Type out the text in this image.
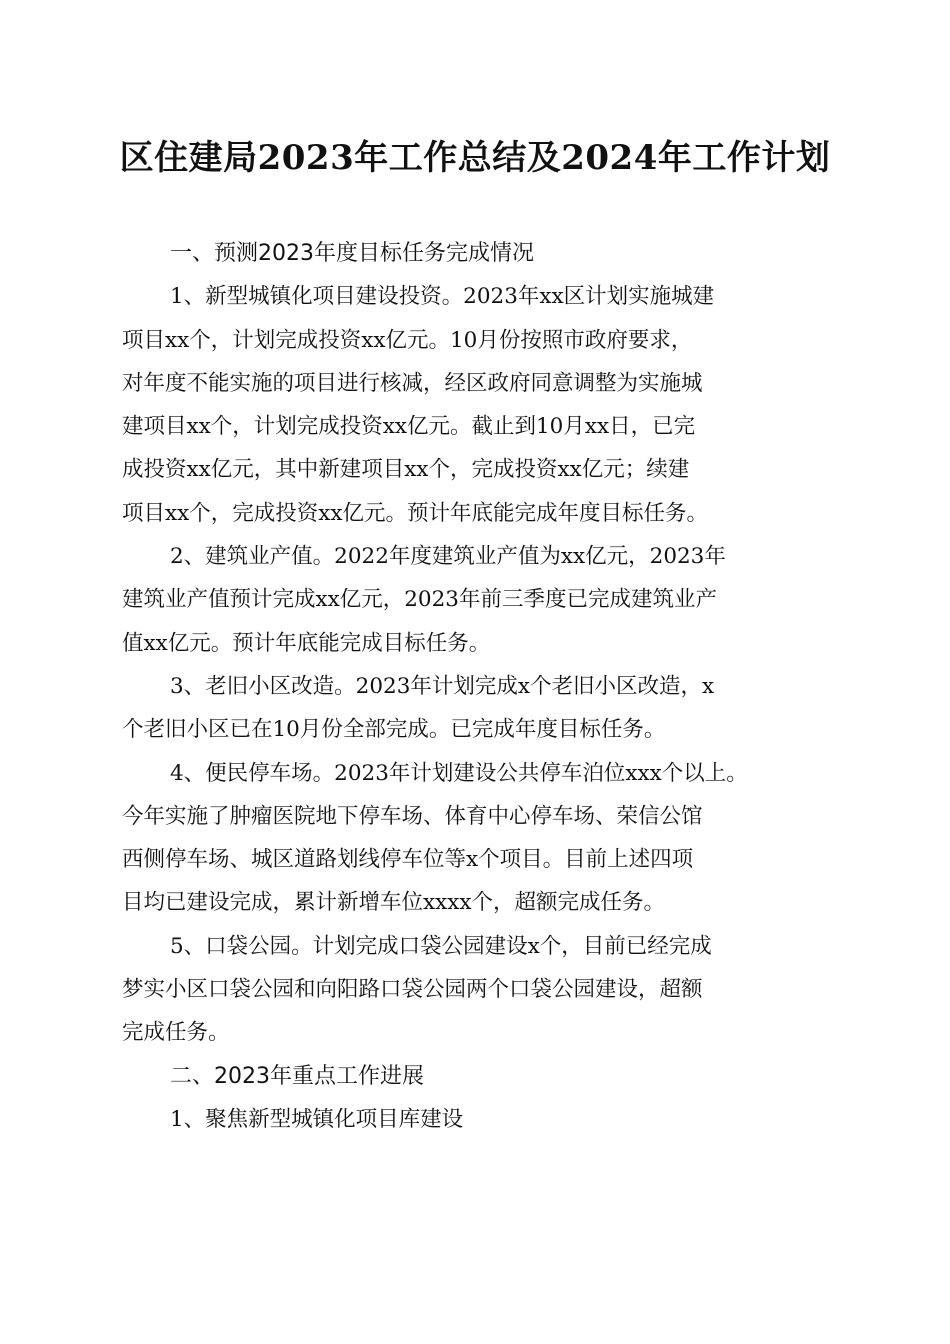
区住建局2023年工作总结及2024年工作计划

一、预测2023年度目标任务完成情况

1、新型城镇化项目建设投资。2023年xx区计划实施城建
项目xx个，计划完成投资xx亿元。10月份按照市政府要求，
对年度不能实施的项目进行核减，经区政府同意调整为实施城
建项目xx个，计划完成投资xx亿元。截止到10月xx日，已完
成投资xx亿元，其中新建项目xx个，完成投资xx亿元；续建
项目xx个，完成投资xx亿元。预计年底能完成年度目标任务。

2、建筑业产值。2022年度建筑业产值为xx亿元，2023年
建筑业产值预计完成xx亿元，2023年前三季度已完成建筑业产
值xx亿元。预计年底能完成目标任务。

3、老旧小区改造。2023年计划完成x个老旧小区改造，x
个老旧小区已在10月份全部完成。已完成年度目标任务。

4、便民停车场。2023年计划建设公共停车泊位xxx个以上。
今年实施了肿瘤医院地下停车场、体育中心停车场、荣信公馆
西侧停车场、城区道路划线停车位等x个项目。目前上述四项
目均已建设完成，累计新增车位xxxx个，超额完成任务。

5、口袋公园。计划完成口袋公园建设x个，目前已经完成
梦实小区口袋公园和向阳路口袋公园两个口袋公园建设，超额
完成任务。

二、2023年重点工作进展

1、聚焦新型城镇化项目库建设
